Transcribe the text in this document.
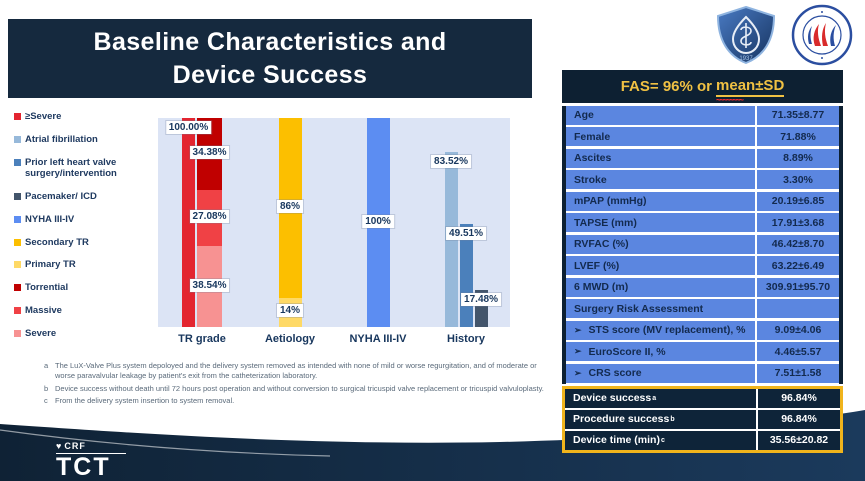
Baseline Characteristics and
Device Success
1937
≥Severe
Atrial fibrillation
Prior left heart valve surgery/intervention
Pacemaker/ ICD
NYHA III-IV
Secondary TR
Primary TR
Torrential
Massive
Severe
100.00%
38.54%
27.08%
34.38%
TR grade
14%
86%
Aetiology
100%
NYHA III-IV
83.52%
49.51%
17.48%
History
FAS= 96% or mean±SD ~~~~~~~~
Age	71.35±8.77
Female	71.88%
Ascites	8.89%
Stroke	3.30%
mPAP (mmHg)	20.19±6.85
TAPSE (mm)	17.91±3.68
RVFAC (%)	46.42±8.70
LVEF (%)	63.22±6.49
6 MWD (m)	309.91±95.70
Surgery Risk Assessment
➢ STS score (MV replacement), %	9.09±4.06
➢ EuroScore II, %	4.46±5.57
➢ CRS score	7.51±1.58
Device success a	96.84%
Procedure success b	96.84%
Device time (min) c	35.56±20.82
a The LuX-Valve Plus system depoloyed and the delivery system removed as intended with none of mild or worse regurgitation, and of moderate or worse paravalvular leakage by patient's exit from the catheterization laboratory.
b Device success without death until 72 hours post operation and without conversion to surgical tricuspid valve replacement or tricuspid valvuloplasty.
c From the delivery system insertion to system removal.
♥ CRF
TCT
